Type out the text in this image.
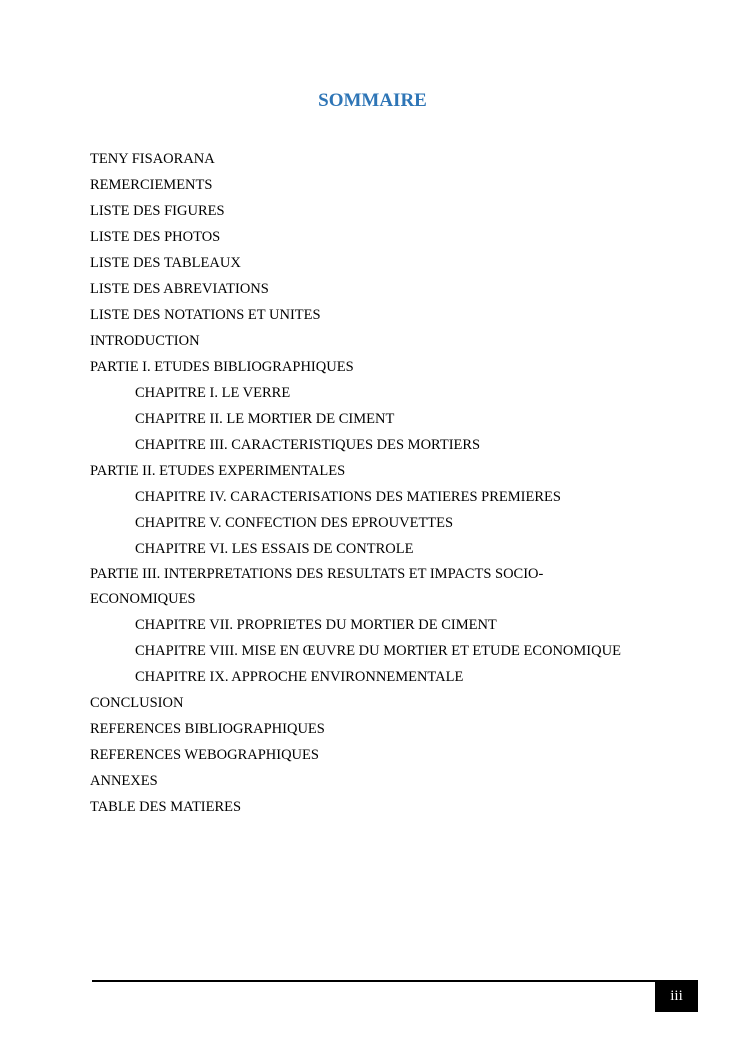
SOMMAIRE
TENY FISAORANA
REMERCIEMENTS
LISTE DES FIGURES
LISTE DES PHOTOS
LISTE DES TABLEAUX
LISTE DES ABREVIATIONS
LISTE DES NOTATIONS ET UNITES
INTRODUCTION
PARTIE I. ETUDES BIBLIOGRAPHIQUES
CHAPITRE I. LE VERRE
CHAPITRE II. LE MORTIER DE CIMENT
CHAPITRE III. CARACTERISTIQUES DES MORTIERS
PARTIE II. ETUDES EXPERIMENTALES
CHAPITRE IV. CARACTERISATIONS DES MATIERES PREMIERES
CHAPITRE V. CONFECTION DES EPROUVETTES
CHAPITRE VI. LES ESSAIS DE CONTROLE
PARTIE III. INTERPRETATIONS DES RESULTATS ET IMPACTS SOCIO-ECONOMIQUES
CHAPITRE VII. PROPRIETES DU MORTIER DE CIMENT
CHAPITRE VIII. MISE EN ŒUVRE DU MORTIER ET ETUDE ECONOMIQUE
CHAPITRE IX. APPROCHE ENVIRONNEMENTALE
CONCLUSION
REFERENCES BIBLIOGRAPHIQUES
REFERENCES WEBOGRAPHIQUES
ANNEXES
TABLE DES MATIERES
iii
